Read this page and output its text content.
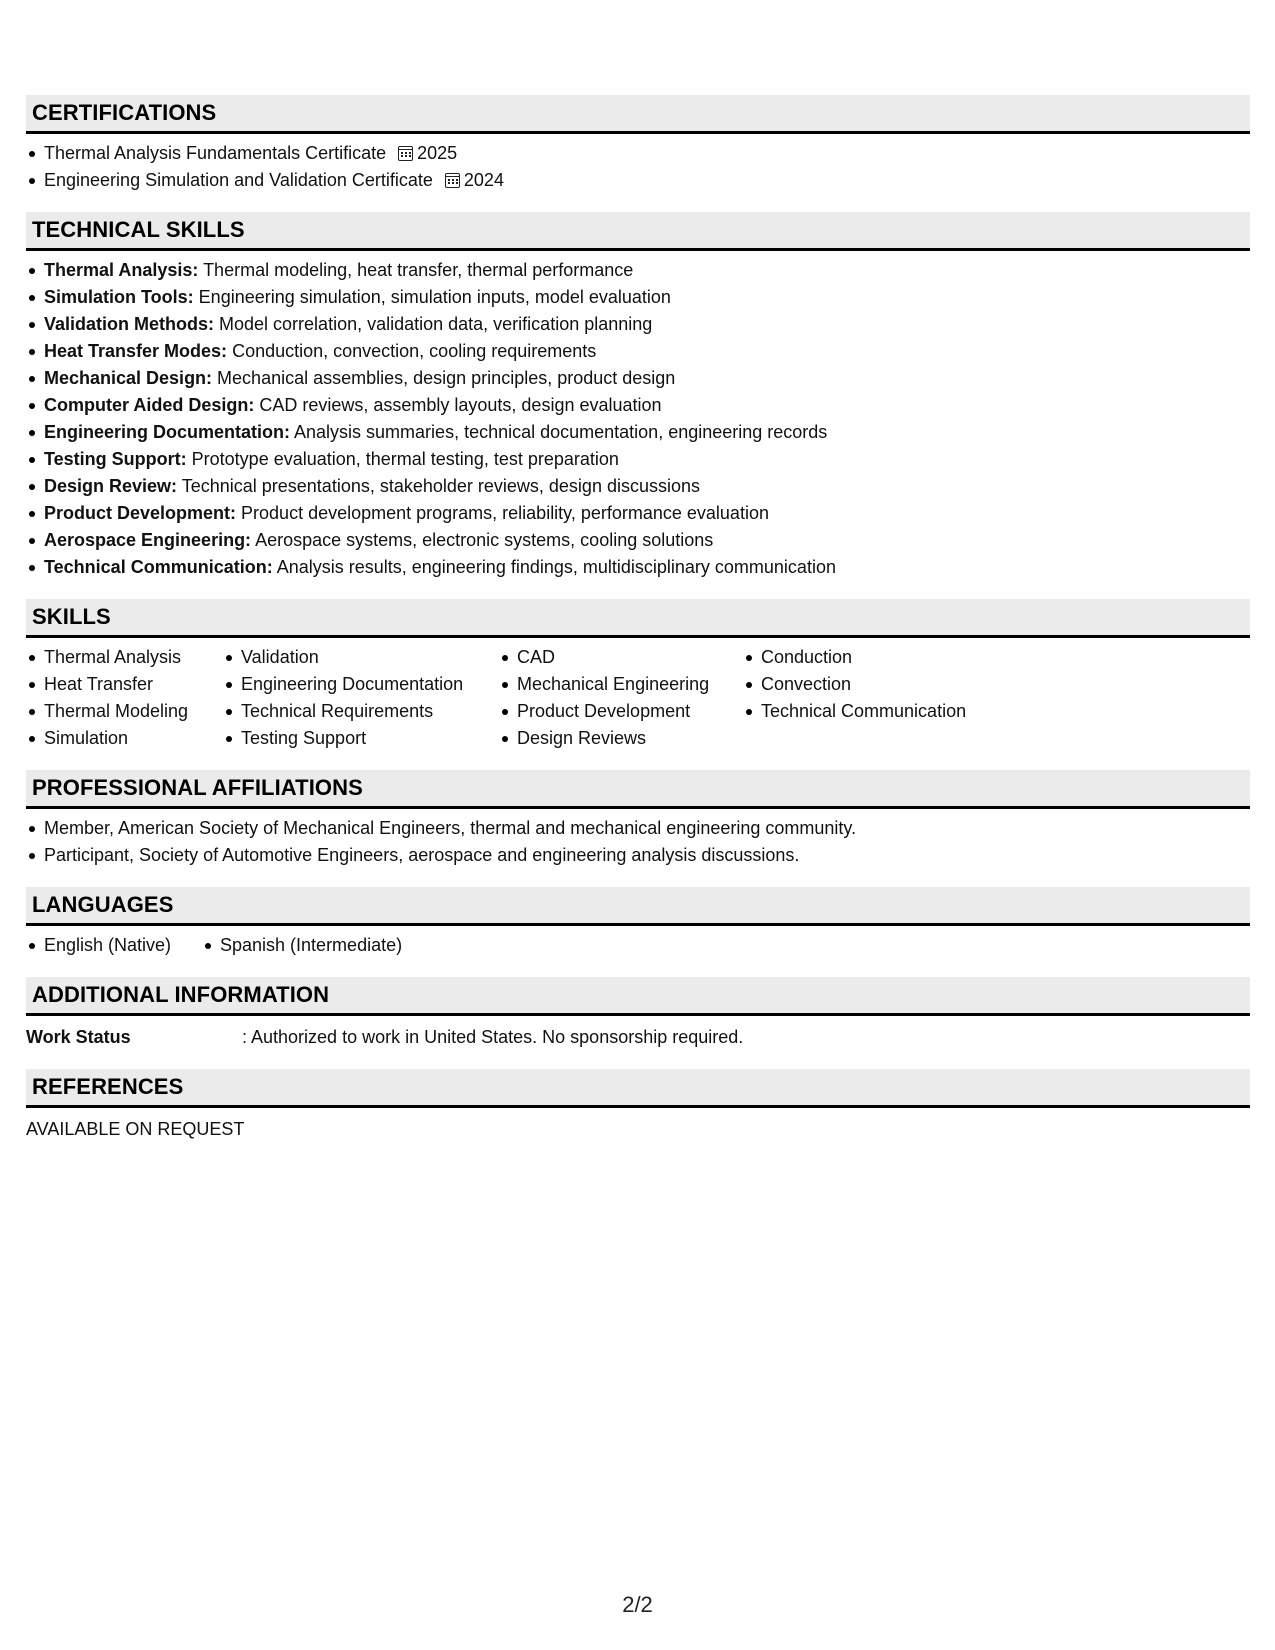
CERTIFICATIONS
Thermal Analysis Fundamentals Certificate 2025
Engineering Simulation and Validation Certificate 2024
TECHNICAL SKILLS
Thermal Analysis: Thermal modeling, heat transfer, thermal performance
Simulation Tools: Engineering simulation, simulation inputs, model evaluation
Validation Methods: Model correlation, validation data, verification planning
Heat Transfer Modes: Conduction, convection, cooling requirements
Mechanical Design: Mechanical assemblies, design principles, product design
Computer Aided Design: CAD reviews, assembly layouts, design evaluation
Engineering Documentation: Analysis summaries, technical documentation, engineering records
Testing Support: Prototype evaluation, thermal testing, test preparation
Design Review: Technical presentations, stakeholder reviews, design discussions
Product Development: Product development programs, reliability, performance evaluation
Aerospace Engineering: Aerospace systems, electronic systems, cooling solutions
Technical Communication: Analysis results, engineering findings, multidisciplinary communication
SKILLS
Thermal Analysis
Heat Transfer
Thermal Modeling
Simulation
Validation
Engineering Documentation
Technical Requirements
Testing Support
CAD
Mechanical Engineering
Product Development
Design Reviews
Conduction
Convection
Technical Communication
PROFESSIONAL AFFILIATIONS
Member, American Society of Mechanical Engineers, thermal and mechanical engineering community.
Participant, Society of Automotive Engineers, aerospace and engineering analysis discussions.
LANGUAGES
English (Native)	Spanish (Intermediate)
ADDITIONAL INFORMATION
Work Status	: Authorized to work in United States. No sponsorship required.
REFERENCES
AVAILABLE ON REQUEST
2/2
